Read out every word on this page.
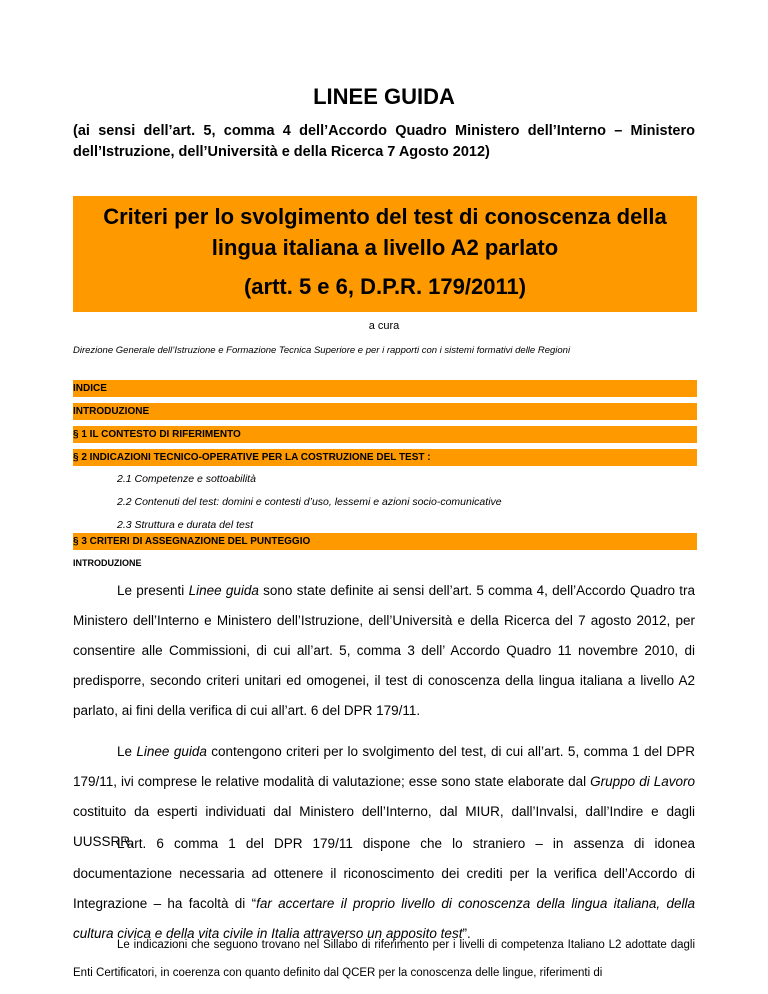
LINEE GUIDA
(ai sensi dell’art. 5, comma 4 dell’Accordo Quadro Ministero dell’Interno – Ministero dell’Istruzione, dell’Università e della Ricerca 7 Agosto 2012)
Criteri per lo svolgimento del test di conoscenza della lingua italiana a livello A2 parlato
(artt. 5 e 6, D.P.R. 179/2011)
a cura
Direzione Generale dell’Istruzione e Formazione Tecnica Superiore e per i rapporti con i sistemi formativi delle Regioni
INDICE
INTRODUZIONE
§ 1 IL CONTESTO DI RIFERIMENTO
§ 2 INDICAZIONI TECNICO-OPERATIVE PER LA COSTRUZIONE DEL TEST :
2.1 Competenze e sottoabilità
2.2 Contenuti del test: domini e contesti d’uso, lessemi e azioni socio-comunicative
2.3 Struttura e durata del test
§ 3 CRITERI DI ASSEGNAZIONE DEL PUNTEGGIO
INTRODUZIONE
Le presenti Linee guida sono state definite ai sensi dell’art. 5 comma 4, dell’Accordo Quadro tra Ministero dell’Interno e Ministero dell’Istruzione, dell’Università e della Ricerca del 7 agosto 2012, per consentire alle Commissioni, di cui all’art. 5, comma 3 dell’ Accordo Quadro 11 novembre 2010, di predisporre, secondo criteri unitari ed omogenei, il test di conoscenza della lingua italiana a livello A2 parlato, ai fini della verifica di cui all’art. 6 del DPR 179/11.
Le Linee guida contengono criteri per lo svolgimento del test, di cui all’art. 5, comma 1 del DPR 179/11, ivi comprese le relative modalità di valutazione; esse sono state elaborate dal Gruppo di Lavoro costituito da esperti individuati dal Ministero dell’Interno, dal MIUR, dall’Invalsi, dall’Indire e dagli UUSSRR.
L’art. 6 comma 1 del DPR 179/11 dispone che lo straniero – in assenza di idonea documentazione necessaria ad ottenere il riconoscimento dei crediti per la verifica dell’Accordo di Integrazione – ha facoltà di “far accertare il proprio livello di conoscenza della lingua italiana, della cultura civica e della vita civile in Italia attraverso un apposito test”.
Le indicazioni che seguono trovano nel Sillabo di riferimento per i livelli di competenza Italiano L2 adottate dagli Enti Certificatori, in coerenza con quanto definito dal QCER per la conoscenza delle lingue, riferimenti di
